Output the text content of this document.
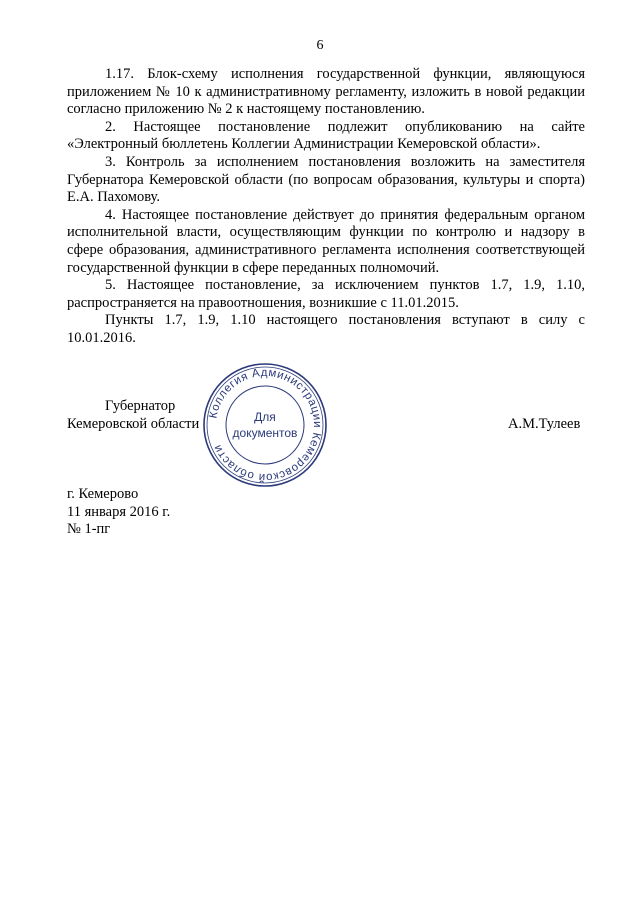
6

1.17. Блок-схему исполнения государственной функции, являющуюся приложением № 10 к административному регламенту, изложить в новой редакции согласно приложению № 2 к настоящему постановлению.

2. Настоящее постановление подлежит опубликованию на сайте «Электронный бюллетень Коллегии Администрации Кемеровской области».

3. Контроль за исполнением постановления возложить на заместителя Губернатора Кемеровской области (по вопросам образования, культуры и спорта) Е.А. Пахомову.

4. Настоящее постановление действует до принятия федеральным органом исполнительной власти, осуществляющим функции по контролю и надзору в сфере образования, административного регламента исполнения соответствующей государственной функции в сфере переданных полномочий.

5. Настоящее постановление, за исключением пунктов 1.7, 1.9, 1.10, распространяется на правоотношения, возникшие с 11.01.2015.

Пункты 1.7, 1.9, 1.10 настоящего постановления вступают в силу с 10.01.2016.

Губернатор
Кемеровской области	А.М.Тулеев
Коллегия Администрации Кемеровской области
Для
документов
г. Кемерово
11 января 2016 г.
№ 1-пг
